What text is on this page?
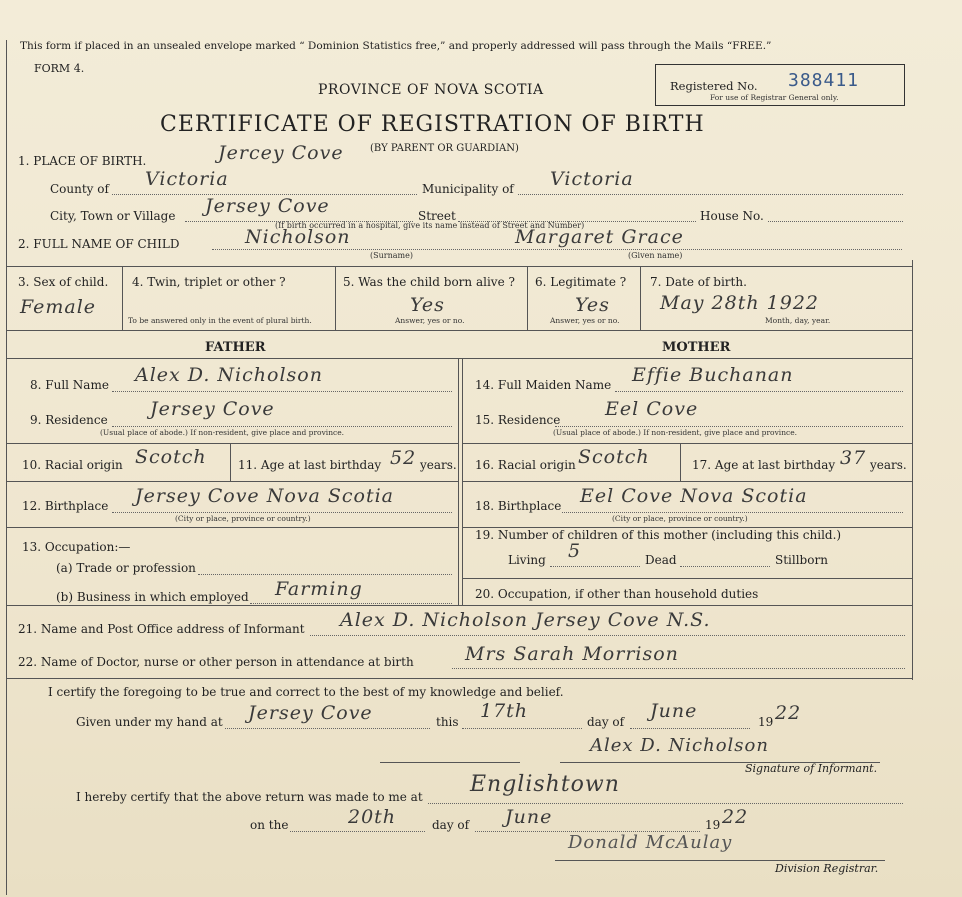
This form if placed in an unsealed envelope marked “ Dominion Statistics free,” and properly addressed will pass through the Mails “FREE.”
FORM 4.
PROVINCE OF NOVA SCOTIA	Registered No. 388411
For use of Registrar General only.
CERTIFICATE OF REGISTRATION OF BIRTH
(BY PARENT OR GUARDIAN)
1. PLACE OF BIRTH.	Jercey Cove
County of Victoria	Municipality of Victoria
City, Town or Village Jersey Cove	Street	House No.
(If birth occurred in a hospital, give its name instead of Street and Number)
2. FULL NAME OF CHILD	Nicholson	Margaret Grace
(Surname)	(Given name)
3. Sex of child.
Female
4. Twin, triplet or other ?
To be answered only in the event of plural birth.
5. Was the child born alive ?
Yes
Answer, yes or no.
6. Legitimate ?
Yes
Answer, yes or no.
7. Date of birth.
May 28th 1922
Month, day, year.
FATHER	MOTHER
8. Full Name Alex D. Nicholson
9. Residence Jersey Cove
(Usual place of abode.) If non-resident, give place and province.
10. Racial origin Scotch	11. Age at last birthday 52 years.
12. Birthplace Jersey Cove Nova Scotia
(City or place, province or country.)
13. Occupation:—
(a) Trade or profession
(b) Business in which employed Farming
14. Full Maiden Name Effie Buchanan
15. Residence Eel Cove
(Usual place of abode.) If non-resident, give place and province.
16. Racial origin Scotch	17. Age at last birthday 37 years.
18. Birthplace Eel Cove Nova Scotia
(City or place, province or country.)
19. Number of children of this mother (including this child.)
Living 5	Dead	Stillborn
20. Occupation, if other than household duties
21. Name and Post Office address of Informant Alex D. Nicholson Jersey Cove N.S.
22. Name of Doctor, nurse or other person in attendance at birth	Mrs Sarah Morrison
I certify the foregoing to be true and correct to the best of my knowledge and belief.
Given under my hand at Jersey Cove	this 17th	day of June	19 22
Alex D. Nicholson
Signature of Informant.
I hereby certify that the above return was made to me at Englishtown
on the	20th	day of June	19 22
Donald McAulay
Division Registrar.
